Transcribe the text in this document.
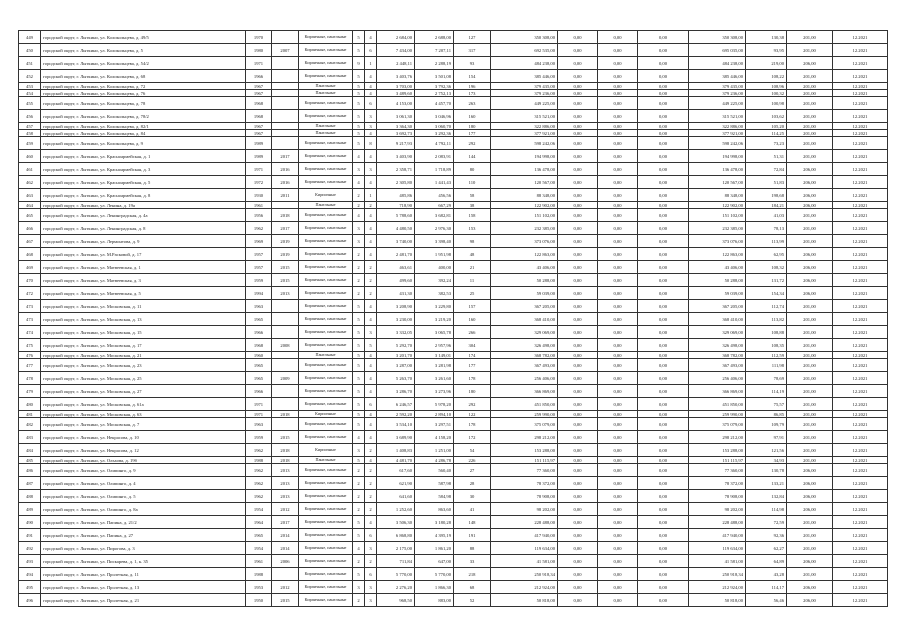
449	городской округ, г. Лыткино, ул. Колокольцева, д. 49/5	1970		Кирпичные, панельные	5	4	2 684,00	2 688,00	127	350 308,00	0,00	0,00	0,00	350 308,00	130,38	201,00	12.2021
450	городской округ, г. Лыткино, ул. Колокольцева, д. 5	1980	2007	Кирпичные, панельные	5	6	7 434,00	7 207,11	317	692 535,00	0,00	0,00	0,00	695 035,00	93,95	201,00	12.2021
451	городской округ, г. Лыткино, ул. Колокольцева, д. 54/2	1971		Кирпичные, панельные	9	1	2 448,11	2 288,19	93	484 238,00	0,00	0,00	0,00	484 238,00	219,00	206,00	12.2021
452	городской округ, г. Лыткино, ул. Колокольцева, д. 68	1966		Кирпичные, панельные	5	4	3 403,76	3 501,08	154	385 446,00	0,00	0,00	0,00	385 446,00	108,22	201,00	12.2021
453	городской округ, г. Лыткино, ул. Колокольцева, д. 72	1967		Панельные	5	4	3 703,00	3 792,36	196	379 435,00	0,00	0,00	0,00	379 435,00	108,96	201,00	12.2021
454	городской округ, г. Лыткино, ул. Колокольцева, д. 76	1967		Панельные	5	4	3 489,60	2 752,13	173	379 236,00	0,00	0,00	0,00	379 236,00	100,32	201,00	12.2021
455	городской округ, г. Лыткино, ул. Колокольцева, д. 78	1968		Кирпичные, панельные	5	6	4 153,00	4 457,70	263	449 225,00	0,00	0,00	0,00	449 225,00	100,98	201,00	12.2021
456	городской округ, г. Лыткино, ул. Колокольцева, д. 78/2	1968		Кирпичные, панельные	5	3	3 061,30	3 046,96	160	315 521,00	0,00	0,00	0,00	315 521,00	103,62	201,00	12.2021
457	городской округ, г. Лыткино, ул. Колокольцева, д. 82/1	1967		Панельные	5	3	3 364,30	3 060,70	180	322 886,00	0,00	0,00	0,00	322 886,00	105,20	201,00	12.2021
458	городской округ, г. Лыткино, ул. Колокольцева, д. 84	1967		Панельные	5	4	3 692,73	3 292,36	177	377 921,00	0,00	0,00	0,00	377 921,00	114,25	201,00	12.2021
459	городской округ, г. Лыткино, ул. Колокольцева, д. 9	1989		Кирпичные, панельные	5	8	9 217,93	4 792,11	292	598 242,06	0,00	0,00	0,00	598 242,06	73,23	201,00	12.2021
460	городской округ, г. Лыткино, ул. Красноармейская, д. 1	1989	2017	Кирпичные, панельные	4	4	3 403,90	2 083,91	144	194 998,00	0,00	0,00	0,00	194 998,00	51,31	201,00	12.2021
461	городской округ, г. Лыткино, ул. Красноармейская, д. 3	1971	2016	Кирпичные, панельные	3	3	2 358,71	1 718,89	80	136 478,00	0,00	0,00	0,00	136 478,00	72,84	206,00	12.2021
462	городской округ, г. Лыткино, ул. Красноармейская, д. 5	1972	2016	Кирпичные, панельные	4	4	2 305,80	1 441,43	110	120 567,00	0,00	0,00	0,00	120 567,00	51,83	206,00	12.2021
463	городской округ, г. Лыткино, ул. Красноармейская, д. 8	1930	2011	Кирпичные	2	1	485,86	456,56	58	88 348,00	0,00	0,00	0,00	88 348,00	198,68	206,00	12.2021
464	городской округ, г. Лыткино, ул. Ленина, д. 19а	1961		Панельные	2	2	718,90	667,29	38	122 902,00	0,00	0,00	0,00	122 902,00	184,21	206,00	12.2021
465	городской округ, г. Лыткино, ул. Ленинградская, д. 4а	1956	2018	Кирпичные, панельные	4	4	5 788,60	3 682,81	158	151 102,00	0,00	0,00	0,00	151 102,00	41,03	201,00	12.2021
466	городской округ, г. Лыткино, ул. Ленинградская, д. 8	1962	2017	Кирпичные, панельные	3	4	4 480,50	2 976,30	153	232 385,00	0,00	0,00	0,00	232 385,00	78,13	201,00	12.2021
467	городской округ, г. Лыткино, ул. Лермонтова, д. 9	1969	2019	Кирпичные, панельные	3	4	3 740,00	3 398,40	98	373 076,00	0,00	0,00	0,00	373 076,00	113,99	201,00	12.2021
468	городской округ, г. Лыткино, ул. М.Расковой, д. 17	1957	2019	Кирпичные, панельные	2	4	2 481,70	1 951,98	48	122 863,00	0,00	0,00	0,00	122 863,00	62,95	206,00	12.2021
469	городской округ, г. Лыткино, ул. Матвеевская, д. 1	1957	2015	Кирпичные, панельные	2	2	463,61	400,00	21	43 406,00	0,00	0,00	0,00	43 406,00	108,32	206,00	12.2021
470	городской округ, г. Лыткино, ул. Матвеевская, д. 3	1959	2015	Кирпичные, панельные	2	2	499,60	392,24	11	50 288,00	0,00	0,00	0,00	50 288,00	131,72	206,00	12.2021
472	городской округ, г. Лыткино, ул. Матвеевская, д. 5	1994	2013	Кирпичные, панельные	2	2	431,30	382,53	25	59 039,00	0,00	0,00	0,00	59 039,00	154,34	206,00	12.2021
473	городской округ, г. Лыткино, ул. Московская, д. 11	1963		Кирпичные, панельные	5	4	3 208,90	3 229,80	157	367 205,00	0,00	0,00	0,00	367 205,00	112,74	201,00	12.2021
473	городской округ, г. Лыткино, ул. Московская, д. 13	1965		Кирпичные, панельные	5	4	3 230,00	3 219,20	160	368 410,00	0,00	0,00	0,00	368 410,00	113,82	201,00	12.2021
474	городской округ, г. Лыткино, ул. Московская, д. 15	1966		Кирпичные, панельные	5	3	3 332,05	3 065,78	266	329 069,00	0,00	0,00	0,00	329 069,00	108,88	201,00	12.2021
475	городской округ, г. Лыткино, ул. Московская, д. 17	1968	2008	Кирпичные, панельные	5	5	5 292,70	2 957,96	304	326 498,00	0,00	0,00	0,00	326 498,00	108,35	201,00	12.2021
476	городской округ, г. Лыткино, ул. Московская, д. 21	1960		Панельные	5	4	3 201,70	3 149,01	174	368 782,00	0,00	0,00	0,00	368 782,00	112,59	201,00	12.2021
477	городской округ, г. Лыткино, ул. Московская, д. 23	1965		Кирпичные, панельные	5	4	3 287,00	3 281,98	177	367 493,00	0,00	0,00	0,00	367 493,00	111,98	201,00	12.2021
478	городской округ, г. Лыткино, ул. Московская, д. 25	1965	2009	Кирпичные, панельные	5	4	5 263,70	3 261,60	178	256 406,00	0,00	0,00	0,00	256 406,00	78,69	201,00	12.2021
479	городской округ, г. Лыткино, ул. Московская, д. 27	1966		Кирпичные, панельные	5	4	3 286,70	3 273,96	180	366 869,00	0,00	0,00	0,00	366 869,00	114,19	201,00	12.2021
480	городской округ, г. Лыткино, ул. Московская, д. 61а	1971		Кирпичные, панельные	5	6	6 246,57	5 978,20	292	451 850,00	0,00	0,00	0,00	451 850,00	75,57	201,00	12.2021
481	городской округ, г. Лыткино, ул. Московская, д. 63	1971	2018	Кирпичные	5	4	2 592,20	2 894,10	122	259 990,00	0,00	0,00	0,00	259 990,00	86,85	201,00	12.2021
482	городской округ, г. Лыткино, ул. Московская, д. 7	1963		Кирпичные, панельные	5	4	3 534,10	3 297,51	178	375 079,00	0,00	0,00	0,00	375 079,00	109,79	201,00	12.2021
483	городской округ, г. Лыткино, ул. Некрасова, д. 10	1959	2015	Кирпичные, панельные	4	4	3 689,90	4 158,20	172	298 212,00	0,00	0,00	0,00	298 212,00	97,91	201,00	12.2021
484	городской округ, г. Лыткино, ул. Некрасова, д. 12	1962	2018	Кирпичные	3	2	1 408,83	1 251,00	54	153 288,00	0,00	0,00	0,00	153 288,00	121,56	201,00	12.2021
485	городской округ, г. Лыткино, ул. Ольхова, д. 19б	1988	2018	Панельные	5	4	4 481,70	4 286,78	226	151 115,97	0,00	0,00	0,00	151 115,97	34,93	201,00	12.2021
486	городской округ, г. Лыткино, ул. Олипинго, д. 9	1962	2013	Кирпичные, панельные	2	2	617,60	560,40	27	77 360,00	0,00	0,00	0,00	77 360,00	130,78	206,00	12.2021
487	городской округ, г. Лыткино, ул. Олипинго, д. 4	1962	2013	Кирпичные, панельные	2	2	621,90	587,98	28	78 372,00	0,00	0,00	0,00	78 372,00	133,21	206,00	12.2021
488	городской округ, г. Лыткино, ул. Олипинго, д. 5	1962	2013	Кирпичные, панельные	2	2	641,60	584,98	30	78 908,00	0,00	0,00	0,00	78 908,00	132,84	206,00	12.2021
489	городской округ, г. Лыткино, ул. Олипинго, д. 8а	1954	2012	Кирпичные, панельные	2	2	1 252,60	863,60	41	98 202,00	0,00	0,00	0,00	98 202,00	114,98	206,00	12.2021
490	городской округ, г. Лыткино, ул. Папина, д. 21/2	1964	2017	Кирпичные, панельные	5	4	3 506,30	3 180,28	148	228 488,00	0,00	0,00	0,00	228 488,00	72,59	201,00	12.2021
491	городской округ, г. Лыткино, ул. Папина, д. 27	1965	2014	Кирпичные, панельные	5	6	6 868,80	4 395,19	191	417 940,00	0,00	0,00	0,00	417 940,00	92,36	201,00	12.2021
492	городской округ, г. Лыткино, ул. Пирогова, д. 3	1954	2014	Кирпичные, панельные	4	3	2 175,00	1 861,20	88	119 634,00	0,00	0,00	0,00	119 634,00	62,27	201,00	12.2021
493	городской округ, г. Лыткино, ул. Пискарева, д. 1, к. 35	1961	2006	Кирпичные, панельные	2	2	711,84	647,00	33	41 581,00	0,00	0,00	0,00	41 581,00	64,89	206,00	12.2021
494	городской округ, г. Лыткино, ул. Пролетная, д. 11	1988		Кирпичные, панельные	5	6	5 770,00	5 770,00	218	250 918,34	0,00	0,00	0,00	250 918,34	43,28	201,00	12.2021
495	городской округ, г. Лыткино, ул. Пролетная, д. 13	1953	2012	Кирпичные, панельные	3	3	2 276,20	1 866,30	68	212 924,00	0,00	0,00	0,00	212 924,00	114,17	206,00	12.2021
496	городской округ, г. Лыткино, ул. Пролетная, д. 21	1950	2015	Кирпичные, панельные	2	3	968,50	883,00	52	50 818,00	0,00	0,00	0,00	50 818,00	56,46	206,00	12.2021
